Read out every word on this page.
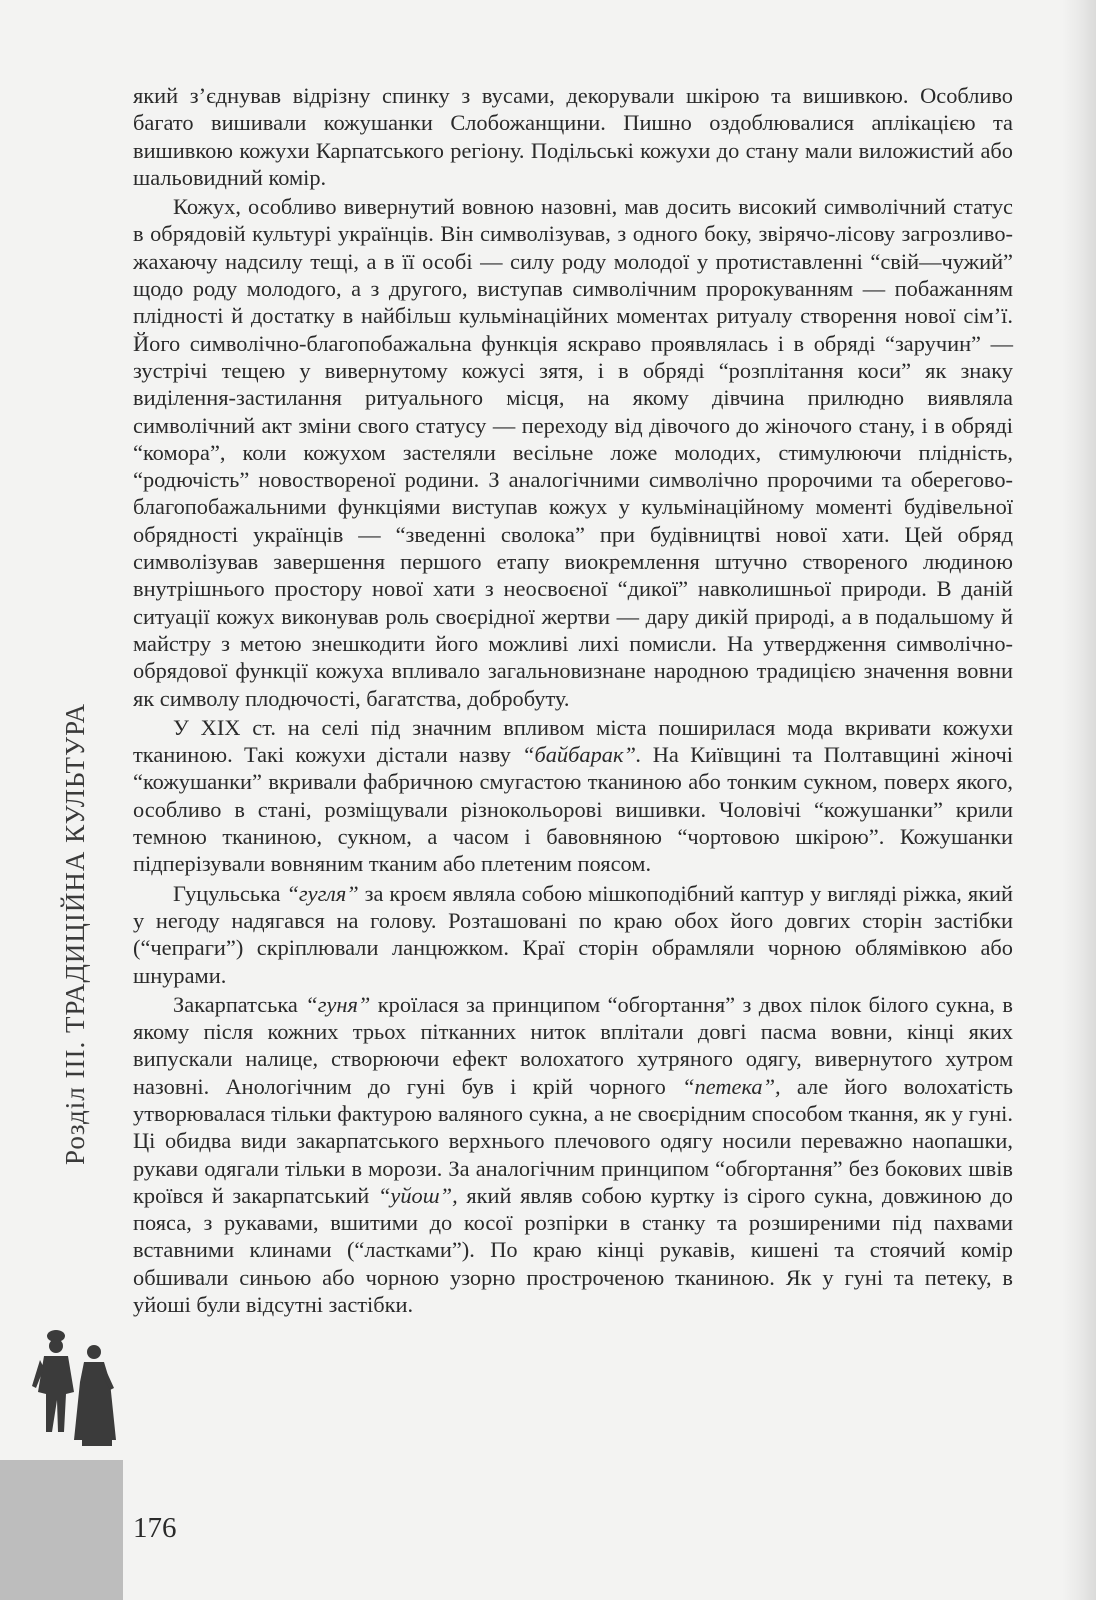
Розділ III. ТРАДИЦІЙНА КУЛЬТУРА

який з’єднував відрізну спинку з вусами, декорували шкірою та вишивкою. Особливо багато вишивали кожушанки Слобожанщини. Пишно оздоблювалися аплікацією та вишивкою кожухи Карпатського регіону. Подільські кожухи до стану мали виложистий або шальовидний комір.

Кожух, особливо вивернутий вовною назовні, мав досить високий символічний статус в обрядовій культурі українців. Він символізував, з одного боку, звірячо-лісову загрозливо-жахаючу надсилу тещі, а в її особі — силу роду молодої у протиставленні “свій—чужий” щодо роду молодого, а з другого, виступав символічним пророкуванням — побажанням плідності й достатку в найбільш кульмінаційних моментах ритуалу створення нової сім’ї. Його символічно-благопобажальна функція яскраво проявлялась і в обряді “заручин” — зустрічі тещею у вивернутому кожусі зятя, і в обряді “розплітання коси” як знаку виділення-застилання ритуального місця, на якому дівчина прилюдно виявляла символічний акт зміни свого статусу — переходу від дівочого до жіночого стану, і в обряді “комора”, коли кожухом застеляли весільне ложе молодих, стимулюючи плідність, “родючість” новоствореної родини. З аналогічними символічно пророчими та оберегово-благопобажальними функціями виступав кожух у кульмінаційному моменті будівельної обрядності українців — “зведенні сволока” при будівництві нової хати. Цей обряд символізував завершення першого етапу виокремлення штучно створеного людиною внутрішнього простору нової хати з неосвоєної “дикої” навколишньої природи. В даній ситуації кожух виконував роль своєрідної жертви — дару дикій природі, а в подальшому й майстру з метою знешкодити його можливі лихі помисли. На утвердження символічно-обрядової функції кожуха впливало загальновизнане народною традицією значення вовни як символу плодючості, багатства, добробуту.

У XIX ст. на селі під значним впливом міста поширилася мода вкривати кожухи тканиною. Такі кожухи дістали назву “байбарак”. На Київщині та Полтавщині жіночі “кожушанки” вкривали фабричною смугастою тканиною або тонким сукном, поверх якого, особливо в стані, розміщували різнокольорові вишивки. Чоловічі “кожушанки” крили темною тканиною, сукном, а часом і бавовняною “чортовою шкірою”. Кожушанки підперізували вовняним тканим або плетеним поясом.

Гуцульська “гугля” за кроєм являла собою мішкоподібний каптур у вигляді ріжка, який у негоду надягався на голову. Розташовані по краю обох його довгих сторін застібки (“чепраги”) скріплювали ланцюжком. Краї сторін обрамляли чорною облямівкою або шнурами.

Закарпатська “гуня” кроїлася за принципом “обгортання” з двох пілок білого сукна, в якому після кожних трьох пітканних ниток вплітали довгі пасма вовни, кінці яких випускали налице, створюючи ефект волохатого хутряного одягу, вивернутого хутром назовні. Анологічним до гуні був і крій чорного “петека”, але його волохатість утворювалася тільки фактурою валяного сукна, а не своєрідним способом ткання, як у гуні. Ці обидва види закарпатського верхнього плечового одягу носили переважно наопашки, рукави одягали тільки в морози. За аналогічним принципом “обгортання” без бокових швів кроївся й закарпатський “уйош”, який являв собою куртку із сірого сукна, довжиною до пояса, з рукавами, вшитими до косої розпірки в станку та розширеними під пахвами вставними клинами (“ластками”). По краю кінці рукавів, кишені та стоячий комір обшивали синьою або чорною узорно простроченою тканиною. Як у гуні та петеку, в уйоші були відсутні застібки.

176
